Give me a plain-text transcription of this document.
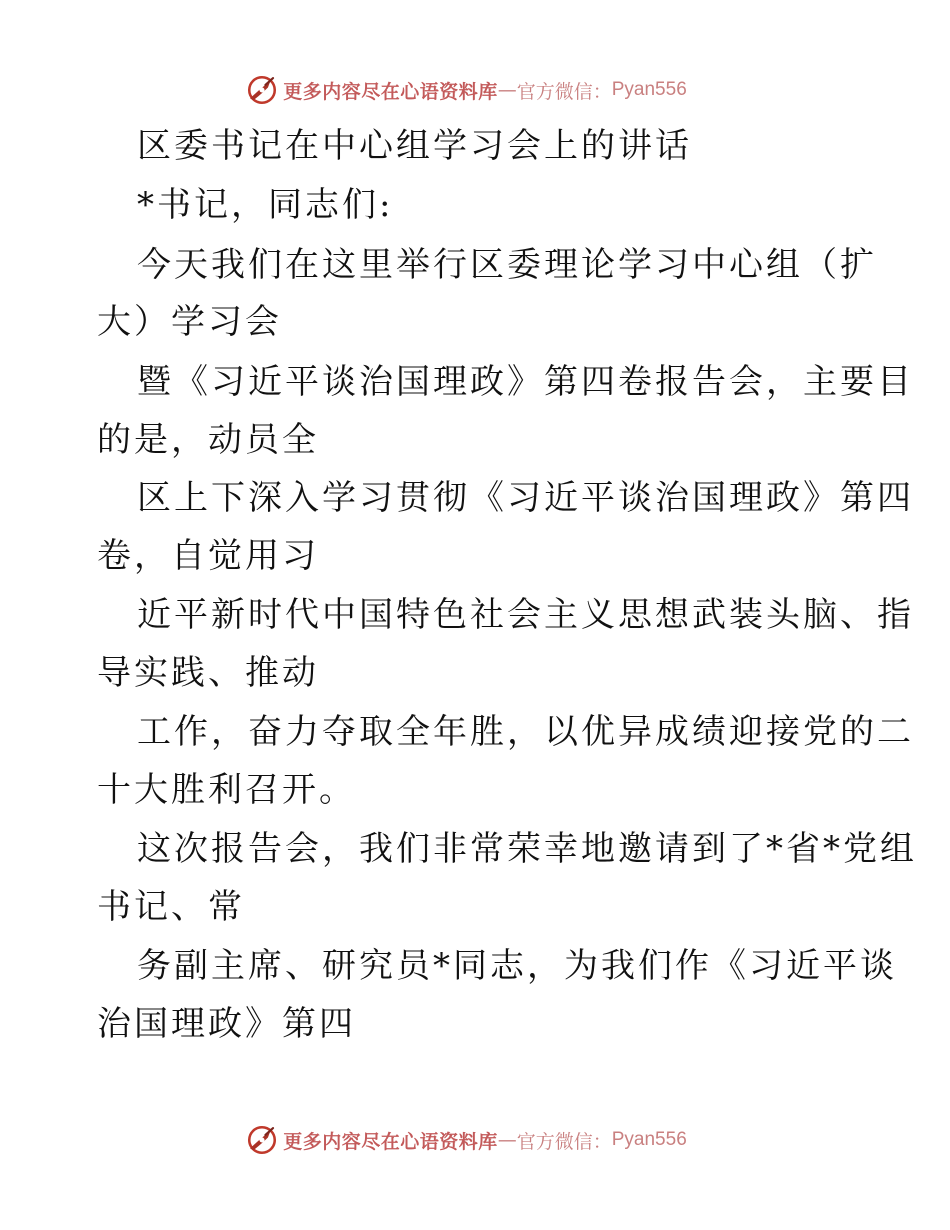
更多内容尽在心语资料库 — 官方微信： Pyan556
区委书记在中心组学习会上的讲话
*书记，同志们:
今天我们在这里举行区委理论学习中心组（扩
大）学习会
暨《习近平谈治国理政》第四卷报告会，主要目
的是，动员全
区上下深入学习贯彻《习近平谈治国理政》第四
卷，自觉用习
近平新时代中国特色社会主义思想武装头脑、指
导实践、推动
工作，奋力夺取全年胜，以优异成绩迎接党的二
十大胜利召开。
这次报告会，我们非常荣幸地邀请到了*省*党组
书记、常
务副主席、研究员*同志，为我们作《习近平谈
治国理政》第四
更多内容尽在心语资料库 — 官方微信： Pyan556
